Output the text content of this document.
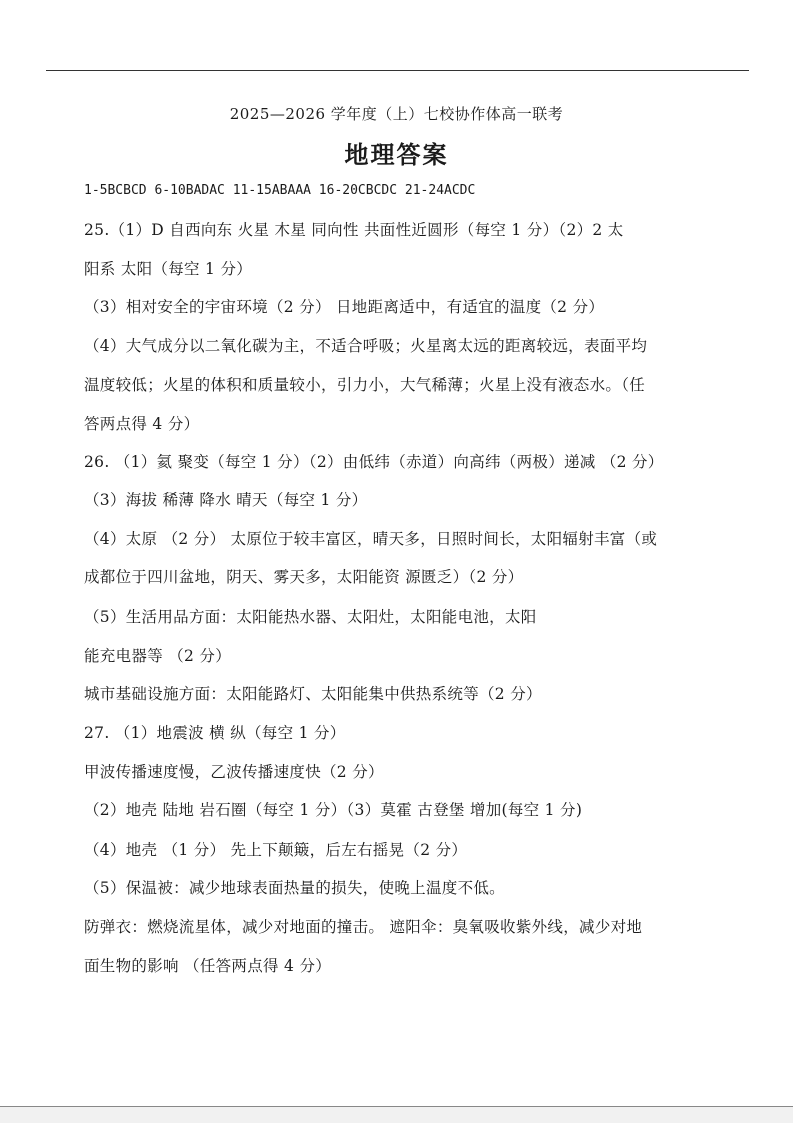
2025—2026 学年度（上）七校协作体高一联考
地理答案
1-5BCBCD 6-10BADAC 11-15ABAAA 16-20CBCDC 21-24ACDC
25.（1）D 自西向东 火星 木星 同向性 共面性近圆形（每空 1 分）（2）2 太
阳系 太阳（每空 1 分）
（3）相对安全的宇宙环境（2 分） 日地距离适中，有适宜的温度（2 分）
（4）大气成分以二氧化碳为主，不适合呼吸；火星离太远的距离较远，表面平均
温度较低；火星的体积和质量较小，引力小，大气稀薄；火星上没有液态水。（任
答两点得 4 分）
26. （1）氦 聚变（每空 1 分）（2）由低纬（赤道）向高纬（两极）递减 （2 分）
（3）海拔 稀薄 降水 晴天（每空 1 分）
（4）太原 （2 分） 太原位于较丰富区，晴天多，日照时间长，太阳辐射丰富（或
成都位于四川盆地，阴天、雾天多，太阳能资 源匮乏）（2 分）
（5）生活用品方面：太阳能热水器、太阳灶，太阳能电池，太阳
能充电器等 （2 分）
城市基础设施方面：太阳能路灯、太阳能集中供热系统等（2 分）
27. （1）地震波 横 纵（每空 1 分）
甲波传播速度慢，乙波传播速度快（2 分）
（2）地壳 陆地 岩石圈（每空 1 分）（3）莫霍 古登堡 增加(每空 1 分)
（4）地壳 （1 分） 先上下颠簸，后左右摇晃（2 分）
（5）保温被：减少地球表面热量的损失，使晚上温度不低。
防弹衣：燃烧流星体，减少对地面的撞击。 遮阳伞：臭氧吸收紫外线，减少对地
面生物的影响 （任答两点得 4 分）
